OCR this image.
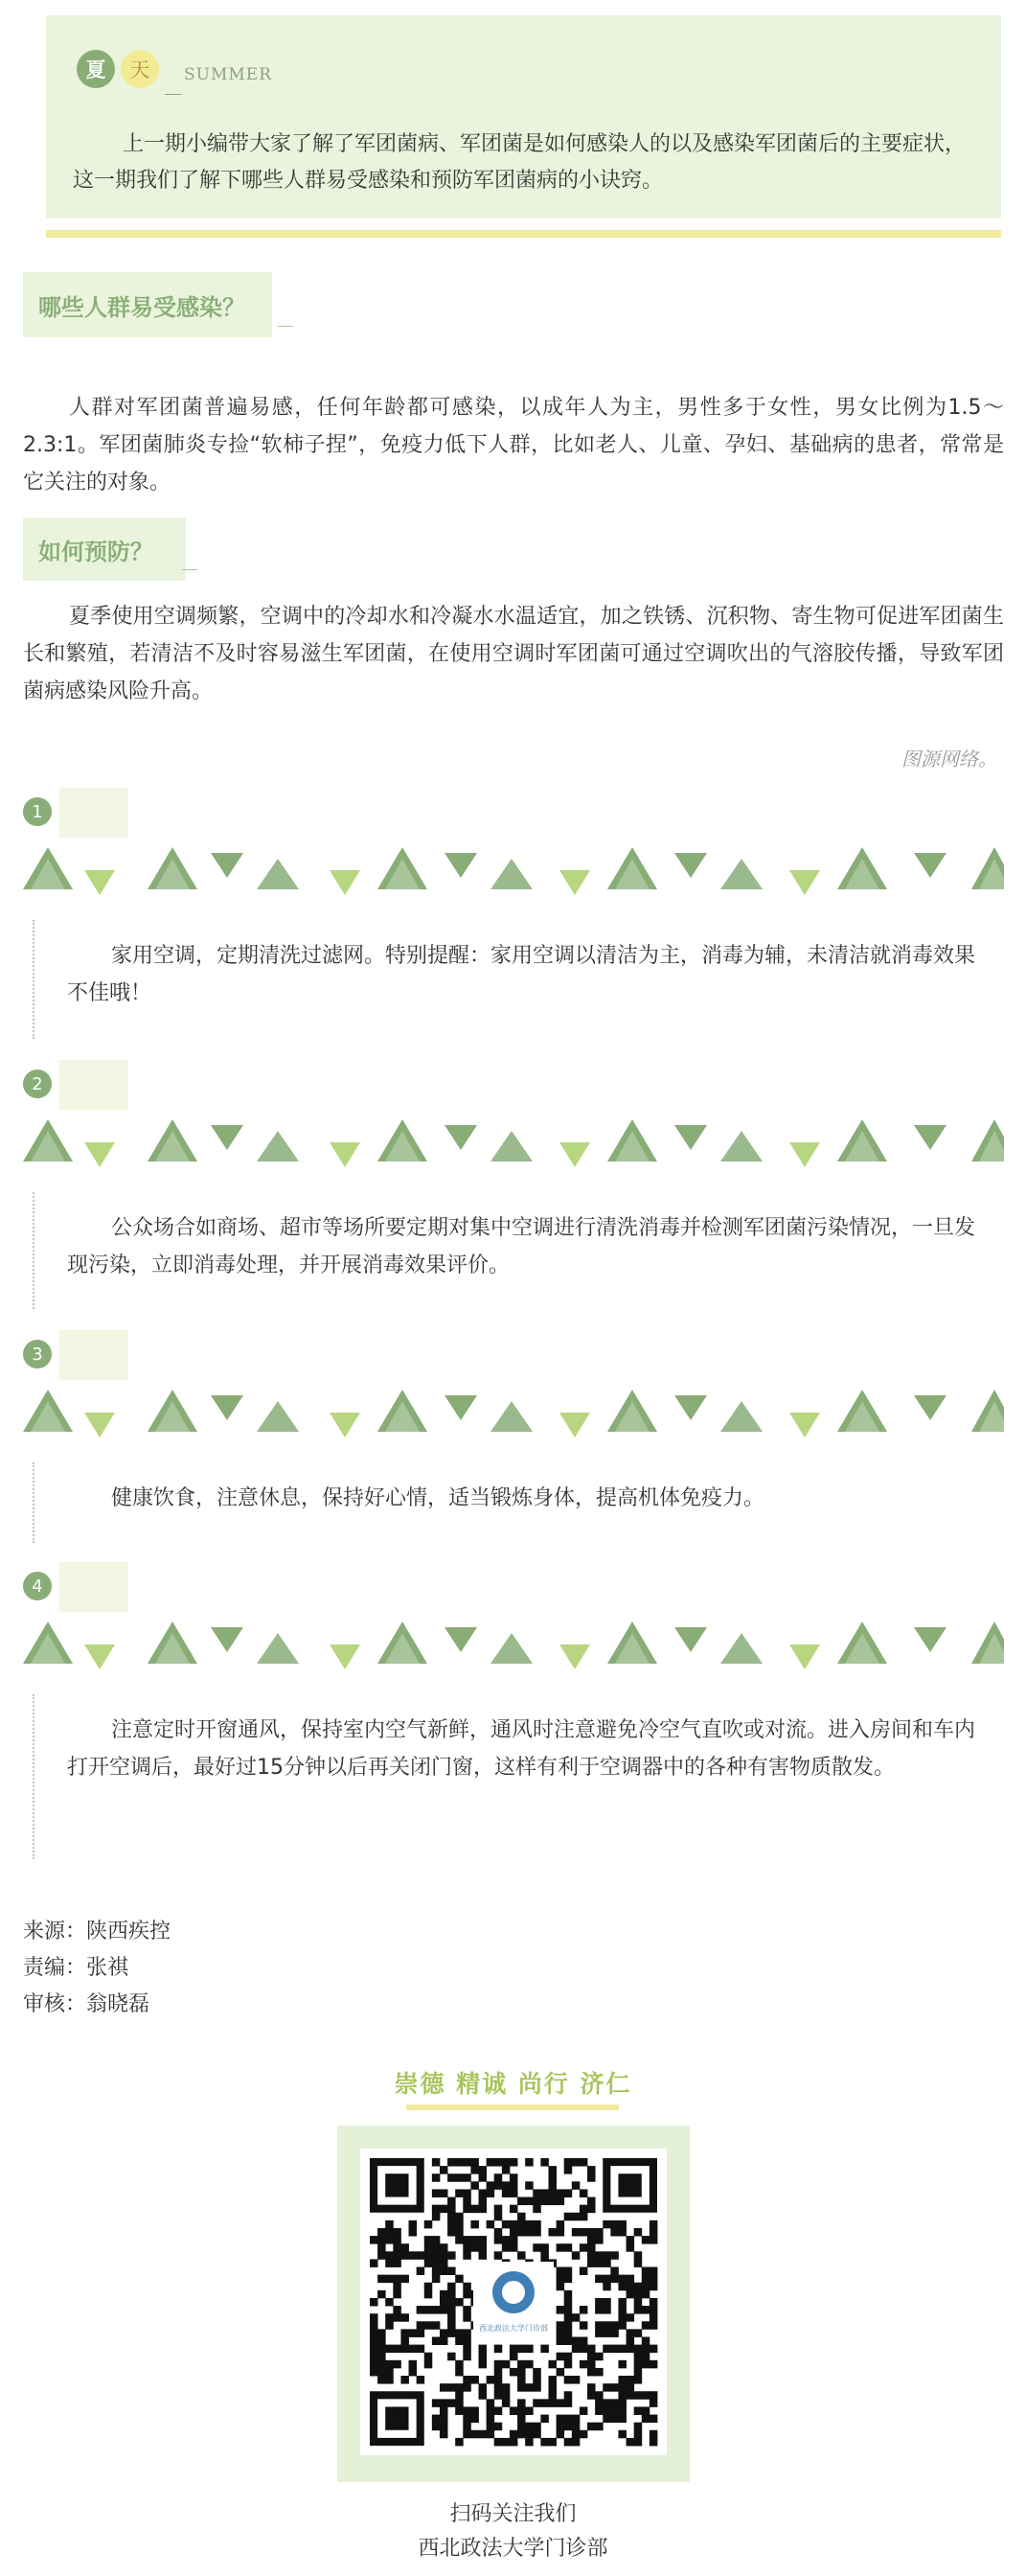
夏	天	SUMMER
上一期小编带大家了解了军团菌病、军团菌是如何感染人的以及感染军团菌后的主要症状，这一期我们了解下哪些人群易受感染和预防军团菌病的小诀窍。
哪些人群易受感染？
人群对军团菌普遍易感，任何年龄都可感染，以成年人为主，男性多于女性，男女比例为1.5～2.3:1。军团菌肺炎专捡“软柿子捏”，免疫力低下人群，比如老人、儿童、孕妇、基础病的患者，常常是它关注的对象。
如何预防？
夏季使用空调频繁，空调中的冷却水和冷凝水水温适宜，加之铁锈、沉积物、寄生物可促进军团菌生长和繁殖，若清洁不及时容易滋生军团菌，在使用空调时军团菌可通过空调吹出的气溶胶传播，导致军团菌病感染风险升高。
图源网络。
1
家用空调，定期清洗过滤网。特别提醒：家用空调以清洁为主，消毒为辅，未清洁就消毒效果不佳哦！
2
公众场合如商场、超市等场所要定期对集中空调进行清洗消毒并检测军团菌污染情况，一旦发现污染，立即消毒处理，并开展消毒效果评价。
3
健康饮食，注意休息，保持好心情，适当锻炼身体，提高机体免疫力。
4
注意定时开窗通风，保持室内空气新鲜，通风时注意避免冷空气直吹或对流。进入房间和车内打开空调后，最好过15分钟以后再关闭门窗，这样有利于空调器中的各种有害物质散发。
来源：陕西疾控
责编：张祺
审核：翁晓磊
崇德 精诚 尚行 济仁
西北政法大学门诊部
扫码关注我们
西北政法大学门诊部
